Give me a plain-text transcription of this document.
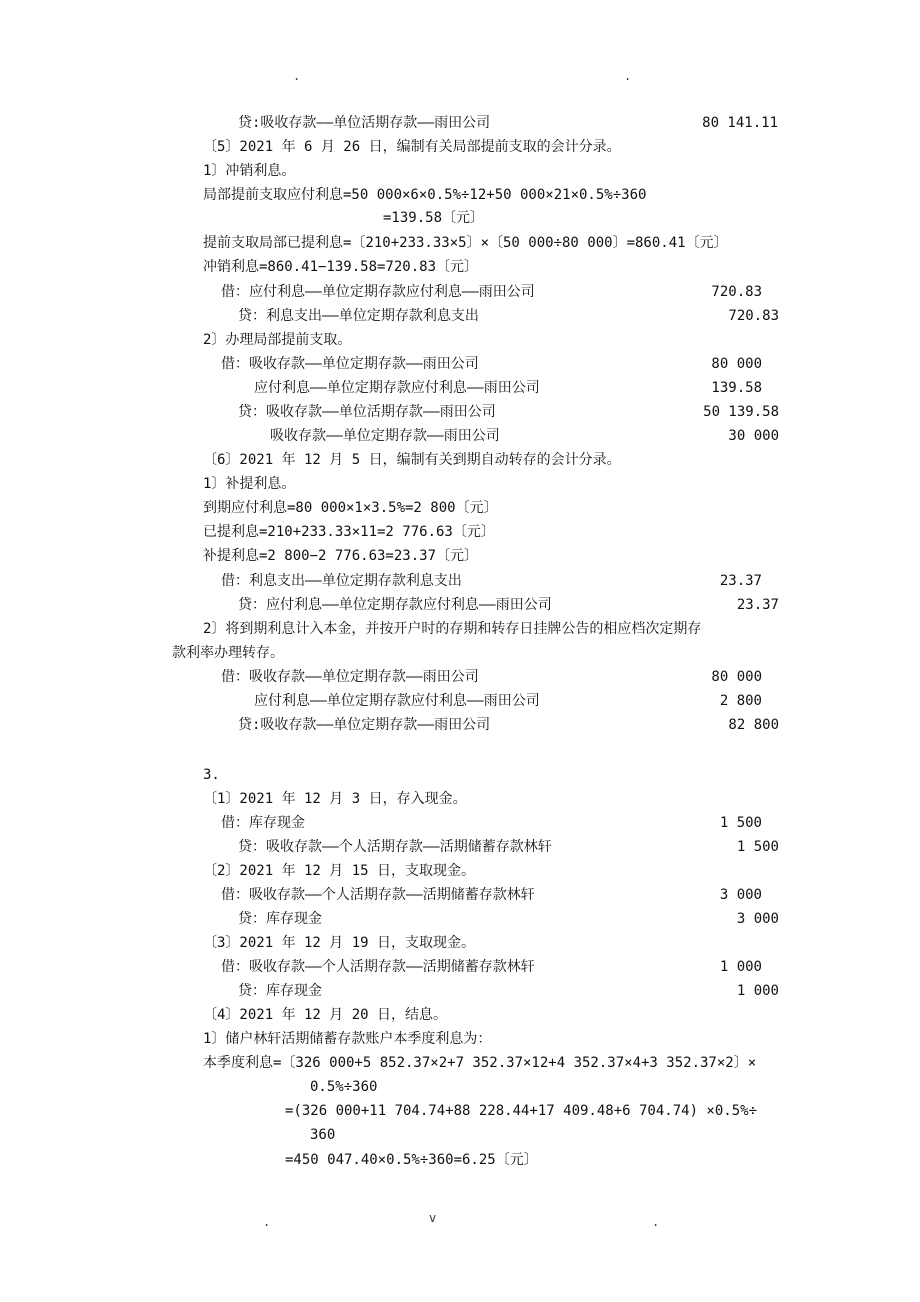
.	.
贷:吸收存款——单位活期存款——雨田公司	80 141.11
〔5〕2021 年 6 月 26 日，编制有关局部提前支取的会计分录。
1〕冲销利息。
局部提前支取应付利息=50 000×6×0.5%÷12+50 000×21×0.5%÷360
=139.58〔元〕
提前支取局部已提利息=〔210+233.33×5〕×〔50 000÷80 000〕=860.41〔元〕
冲销利息=860.41−139.58=720.83〔元〕
借：应付利息——单位定期存款应付利息——雨田公司	720.83
贷：利息支出——单位定期存款利息支出	720.83
2〕办理局部提前支取。
借：吸收存款——单位定期存款——雨田公司	80 000
应付利息——单位定期存款应付利息——雨田公司	139.58
贷：吸收存款——单位活期存款——雨田公司	50 139.58
吸收存款——单位定期存款——雨田公司	30 000
〔6〕2021 年 12 月 5 日，编制有关到期自动转存的会计分录。
1〕补提利息。
到期应付利息=80 000×1×3.5%=2 800〔元〕
已提利息=210+233.33×11=2 776.63〔元〕
补提利息=2 800−2 776.63=23.37〔元〕
借：利息支出——单位定期存款利息支出	23.37
贷：应付利息——单位定期存款应付利息——雨田公司	23.37
2〕将到期利息计入本金，并按开户时的存期和转存日挂牌公告的相应档次定期存
款利率办理转存。
借：吸收存款——单位定期存款——雨田公司	80 000
应付利息——单位定期存款应付利息——雨田公司	2 800
贷:吸收存款——单位定期存款——雨田公司	82 800
3.
〔1〕2021 年 12 月 3 日，存入现金。
借：库存现金	1 500
贷：吸收存款——个人活期存款——活期储蓄存款林轩	1 500
〔2〕2021 年 12 月 15 日，支取现金。
借：吸收存款——个人活期存款——活期储蓄存款林轩	3 000
贷：库存现金	3 000
〔3〕2021 年 12 月 19 日，支取现金。
借：吸收存款——个人活期存款——活期储蓄存款林轩	1 000
贷：库存现金	1 000
〔4〕2021 年 12 月 20 日，结息。
1〕储户林轩活期储蓄存款账户本季度利息为：
本季度利息=〔326 000+5 852.37×2+7 352.37×12+4 352.37×4+3 352.37×2〕×
0.5%÷360
=(326 000+11 704.74+88 228.44+17 409.48+6 704.74) ×0.5%÷
360
=450 047.40×0.5%÷360=6.25〔元〕
.	v	.
